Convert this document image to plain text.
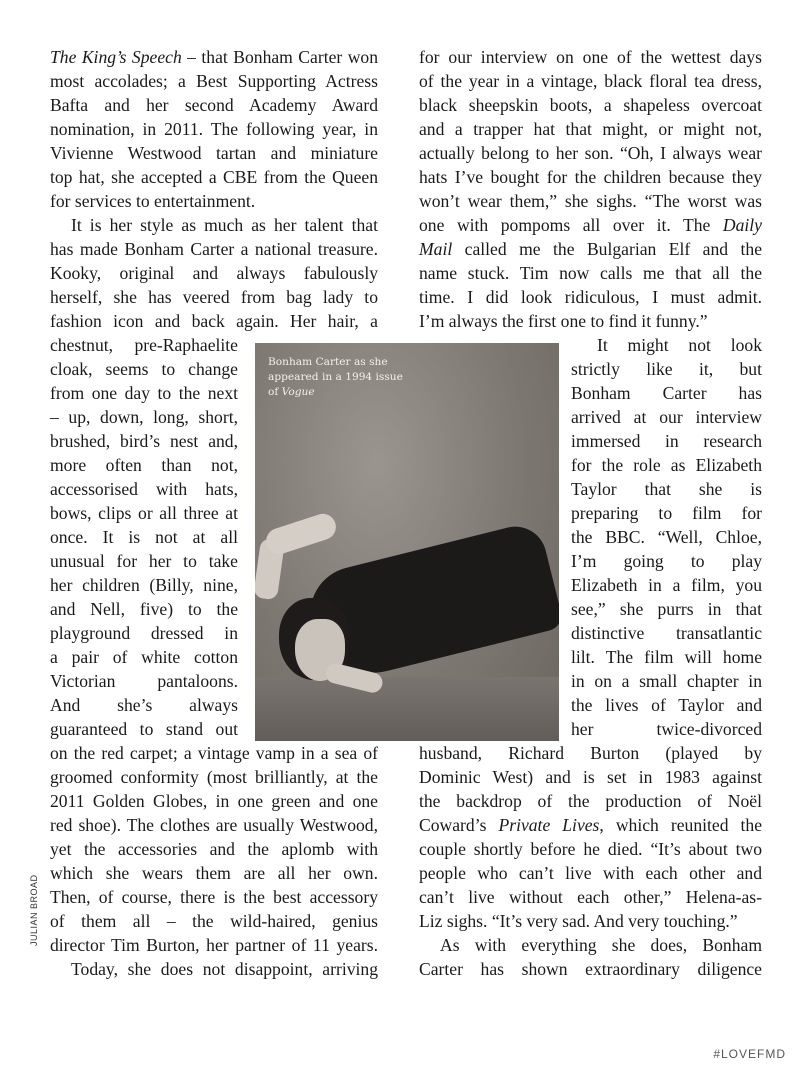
The King’s Speech – that Bonham Carter won
most accolades; a Best Supporting Actress
Bafta and her second Academy Award
nomination, in 2011. The following year, in
Vivienne Westwood tartan and miniature
top hat, she accepted a CBE from the Queen
for services to entertainment.
It is her style as much as her talent that
has made Bonham Carter a national treasure.
Kooky, original and always fabulously
herself, she has veered from bag lady to
fashion icon and back again. Her hair, a
chestnut, pre-Raphaelite
cloak, seems to change
from one day to the next
– up, down, long, short,
brushed, bird’s nest and,
more often than not,
accessorised with hats,
bows, clips or all three at
once. It is not at all
unusual for her to take
her children (Billy, nine,
and Nell, five) to the
playground dressed in
a pair of white cotton
Victorian pantaloons.
And she’s always
guaranteed to stand out
on the red carpet; a vintage vamp in a sea of
groomed conformity (most brilliantly, at the
2011 Golden Globes, in one green and one
red shoe). The clothes are usually Westwood,
yet the accessories and the aplomb with
which she wears them are all her own.
Then, of course, there is the best accessory
of them all – the wild-haired, genius
director Tim Burton, her partner of 11 years.
Today, she does not disappoint, arriving
for our interview on one of the wettest days
of the year in a vintage, black floral tea dress,
black sheepskin boots, a shapeless overcoat
and a trapper hat that might, or might not,
actually belong to her son. “Oh, I always wear
hats I’ve bought for the children because they
won’t wear them,” she sighs. “The worst was
one with pompoms all over it. The Daily
Mail called me the Bulgarian Elf and the
name stuck. Tim now calls me that all the
time. I did look ridiculous, I must admit.
I’m always the first one to find it funny.”
It might not look
strictly like it, but
Bonham Carter has
arrived at our interview
immersed in research
for the role as Elizabeth
Taylor that she is
preparing to film for
the BBC. “Well, Chloe,
I’m going to play
Elizabeth in a film, you
see,” she purrs in that
distinctive transatlantic
lilt. The film will home
in on a small chapter in
the lives of Taylor and
her twice-divorced
husband, Richard Burton (played by
Dominic West) and is set in 1983 against
the backdrop of the production of Noël
Coward’s Private Lives, which reunited the
couple shortly before he died. “It’s about two
people who can’t live with each other and
can’t live without each other,” Helena-as-
Liz sighs. “It’s very sad. And very touching.”
As with everything she does, Bonham
Carter has shown extraordinary diligence
Bonham Carter as she appeared in a 1994 issue of Vogue
JULIAN BROAD
#LOVEFMD
